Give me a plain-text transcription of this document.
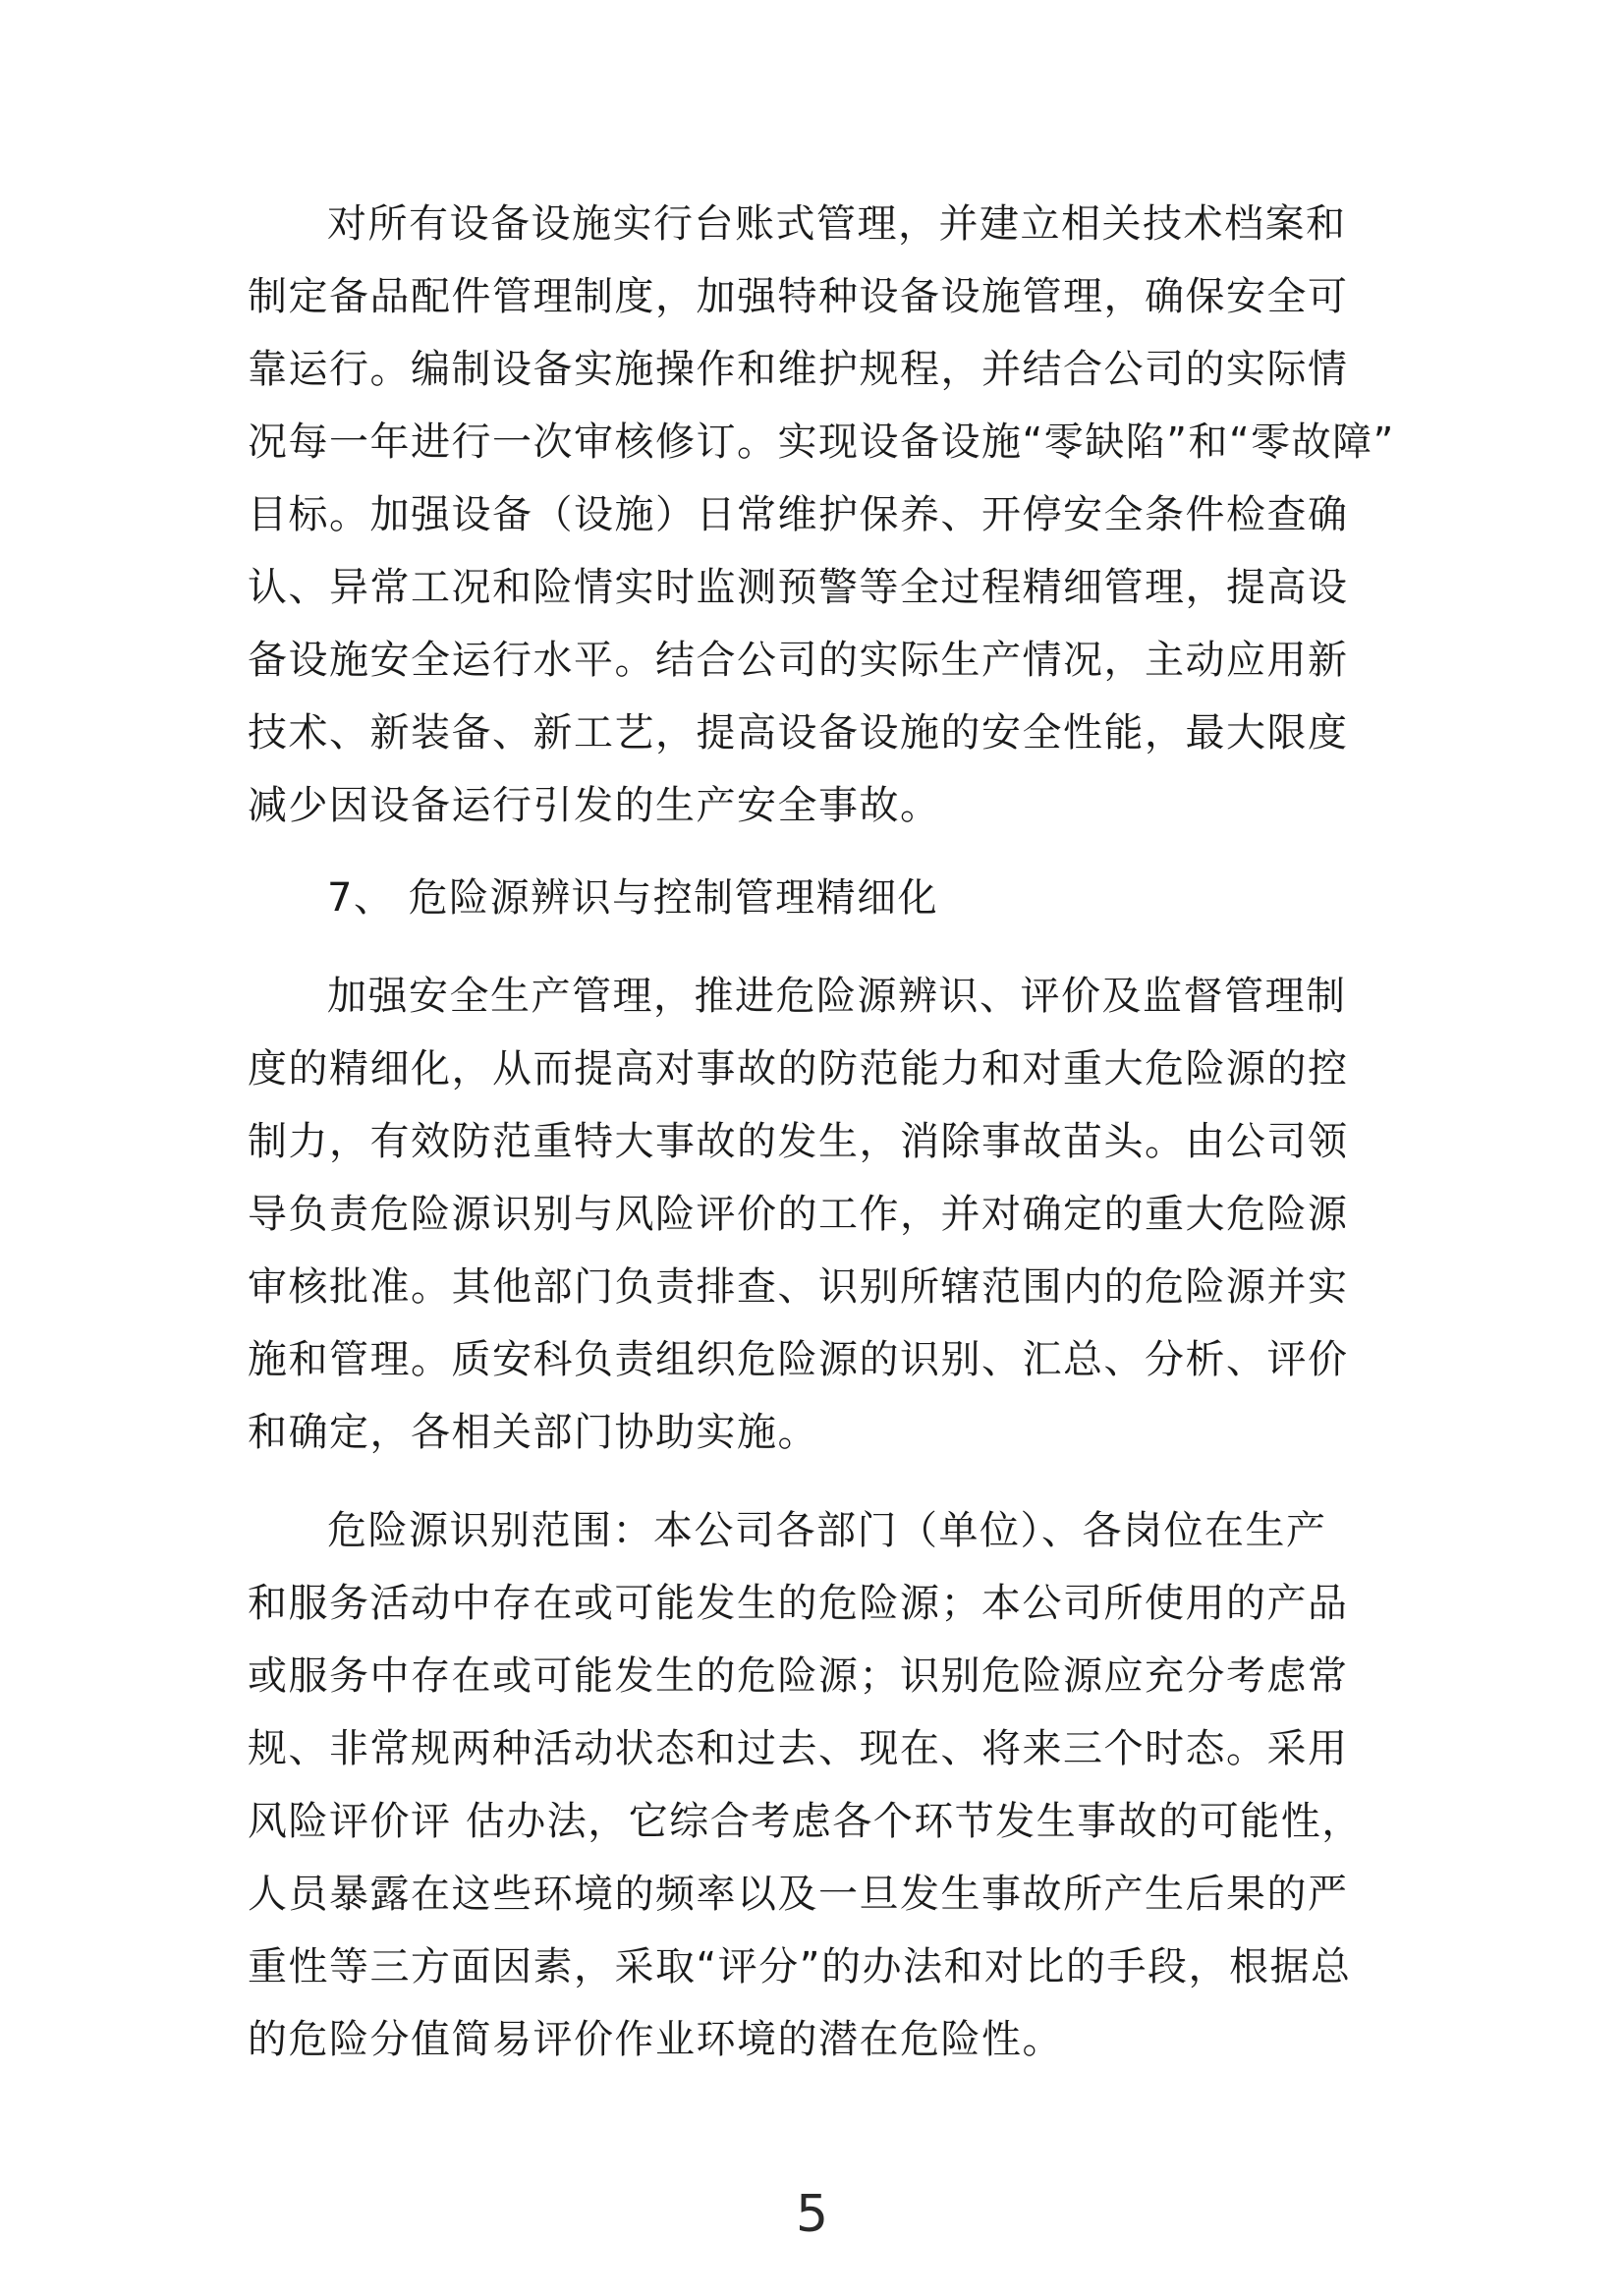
对所有设备设施实行台账式管理，并建立相关技术档案和

制定备品配件管理制度，加强特种设备设施管理，确保安全可

靠运行。编制设备实施操作和维护规程，并结合公司的实际情

况每一年进行一次审核修订。实现设备设施“零缺陷”和“零故障”

目标。加强设备（设施）日常维护保养、开停安全条件检查确

认、异常工况和险情实时监测预警等全过程精细管理，提高设

备设施安全运行水平。结合公司的实际生产情况，主动应用新

技术、新装备、新工艺，提高设备设施的安全性能，最大限度

减少因设备运行引发的生产安全事故。

7、 危险源辨识与控制管理精细化

加强安全生产管理，推进危险源辨识、评价及监督管理制

度的精细化，从而提高对事故的防范能力和对重大危险源的控

制力，有效防范重特大事故的发生，消除事故苗头。由公司领

导负责危险源识别与风险评价的工作，并对确定的重大危险源

审核批准。其他部门负责排查、识别所辖范围内的危险源并实

施和管理。质安科负责组织危险源的识别、汇总、分析、评价

和确定，各相关部门协助实施。

危险源识别范围：本公司各部门（单位）、各岗位在生产

和服务活动中存在或可能发生的危险源；本公司所使用的产品

或服务中存在或可能发生的危险源；识别危险源应充分考虑常

规、非常规两种活动状态和过去、现在、将来三个时态。采用

风险评价评 估办法，它综合考虑各个环节发生事故的可能性，

人员暴露在这些环境的频率以及一旦发生事故所产生后果的严

重性等三方面因素，采取“评分”的办法和对比的手段，根据总

的危险分值简易评价作业环境的潜在危险性。

5
